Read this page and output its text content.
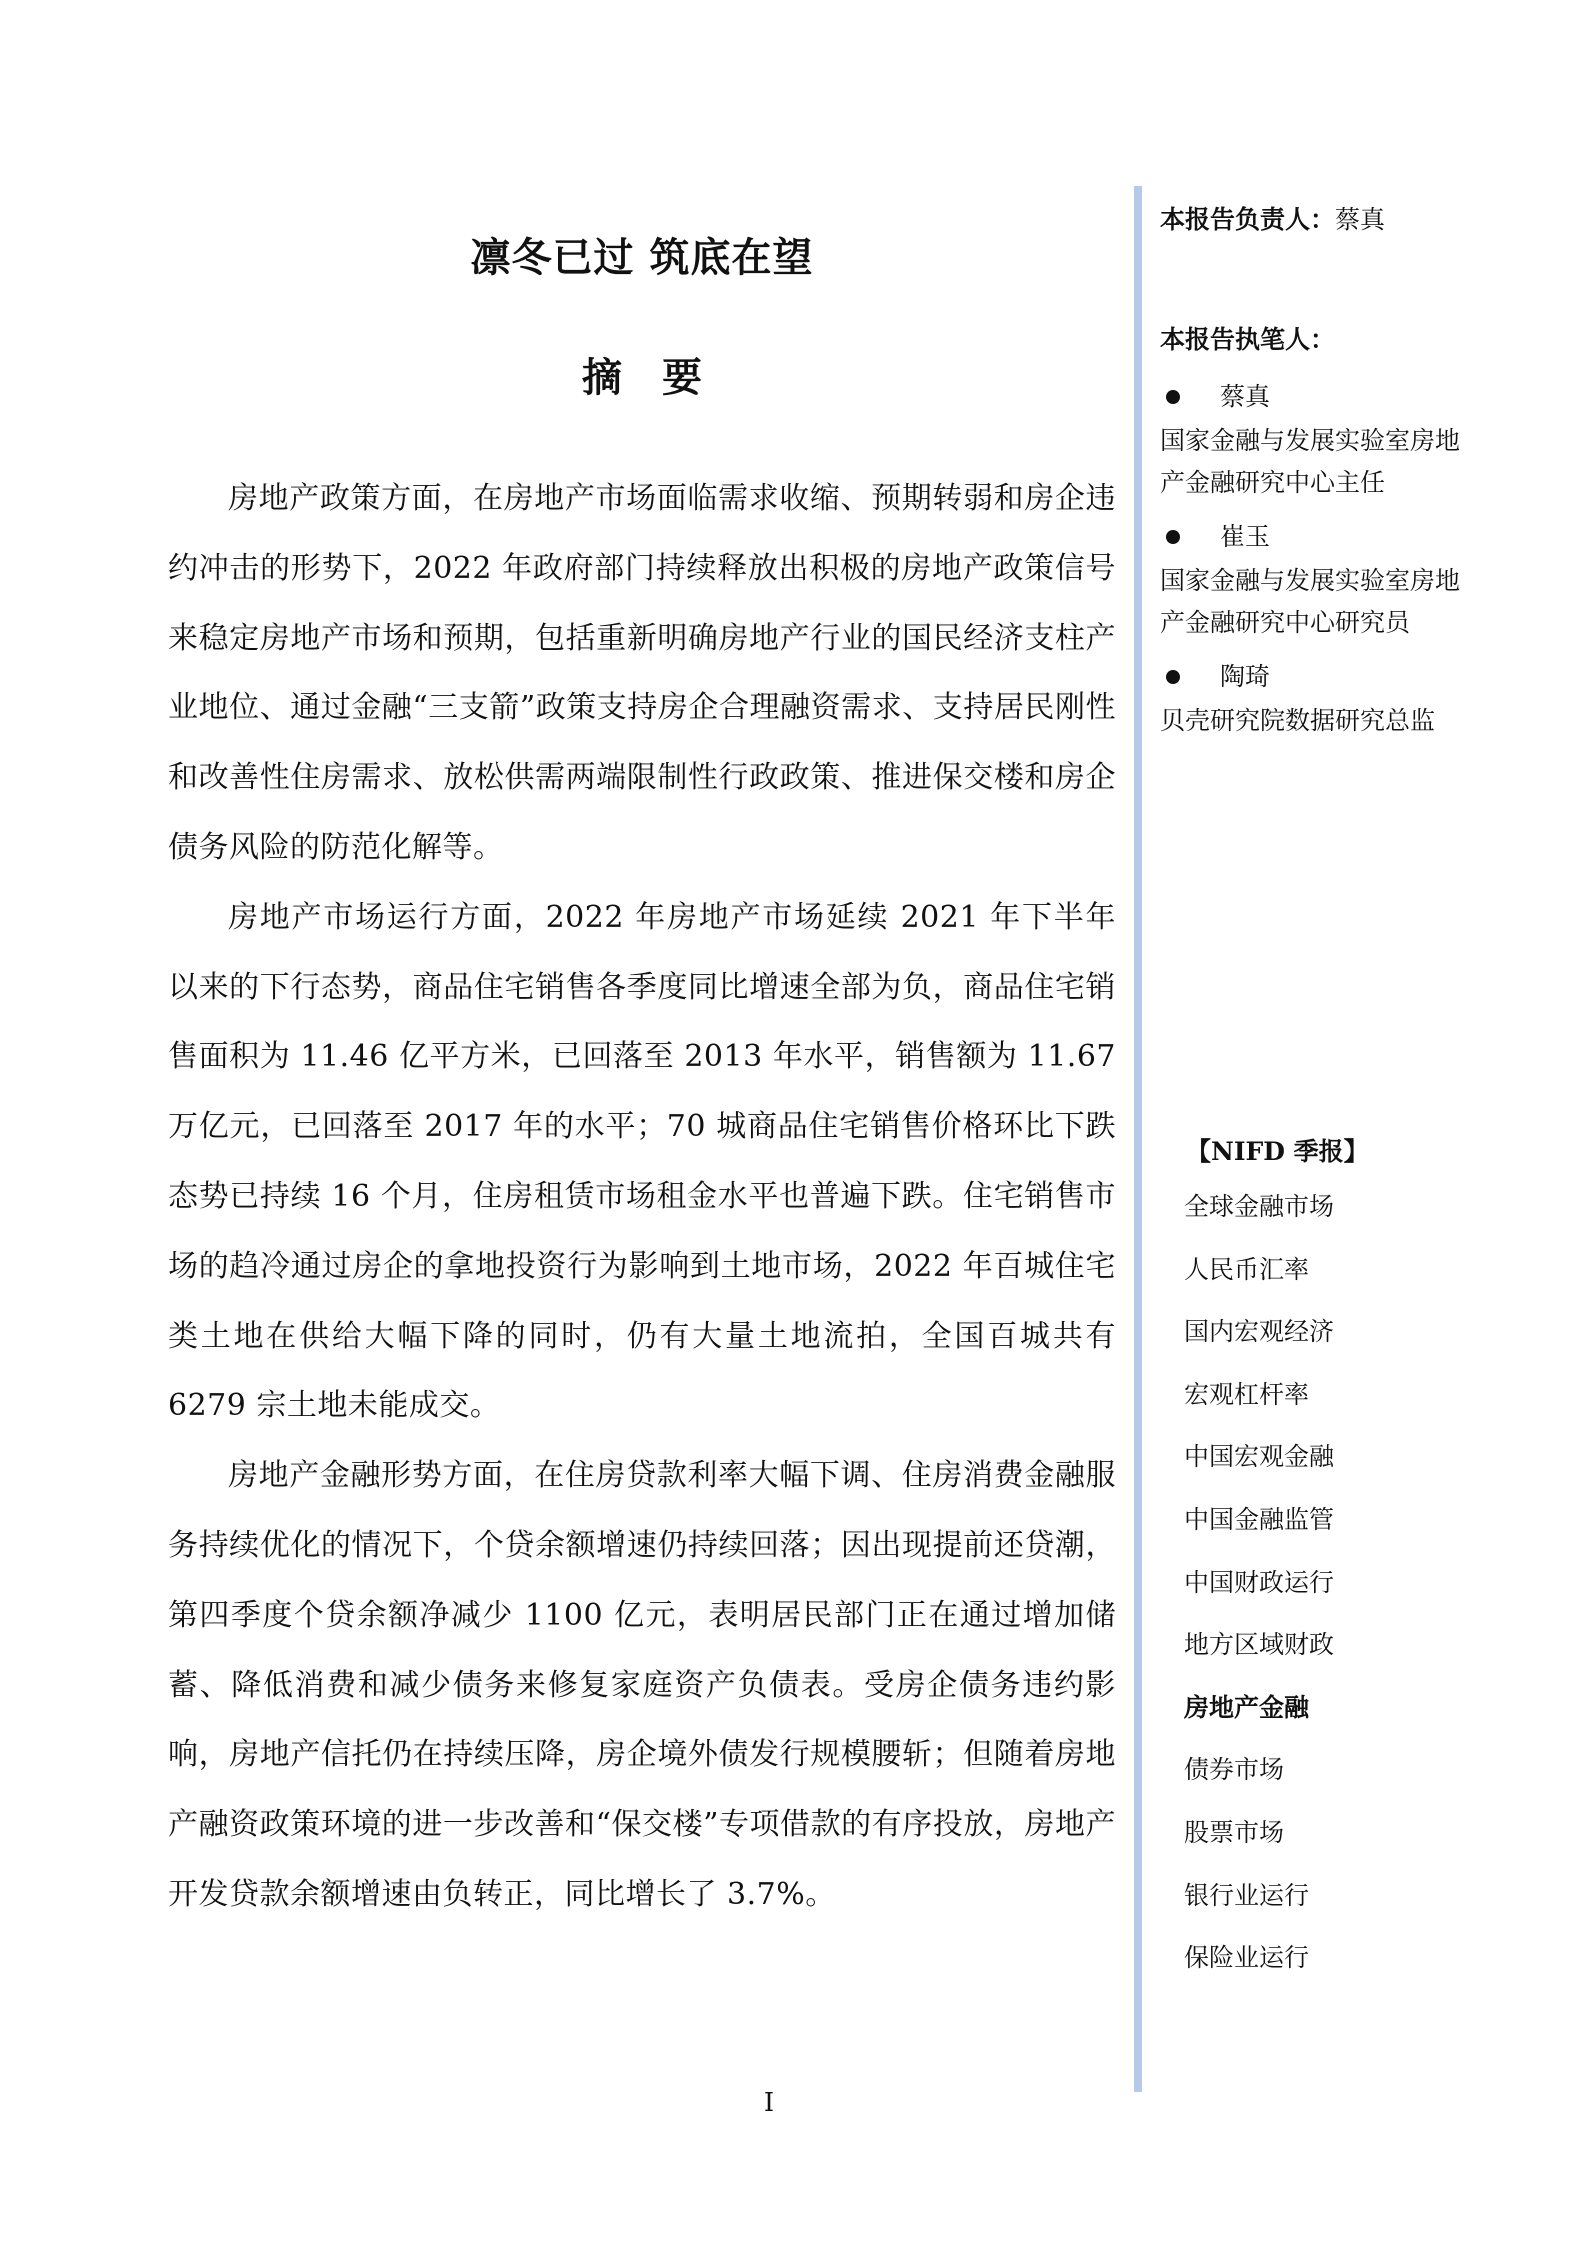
凛冬已过 筑底在望
摘要

房地产政策方面，在房地产市场面临需求收缩、预期转弱和房企违约冲击的形势下，2022 年政府部门持续释放出积极的房地产政策信号来稳定房地产市场和预期，包括重新明确房地产行业的国民经济支柱产业地位、通过金融“三支箭”政策支持房企合理融资需求、支持居民刚性和改善性住房需求、放松供需两端限制性行政政策、推进保交楼和房企债务风险的防范化解等。

房地产市场运行方面，2022 年房地产市场延续 2021 年下半年以来的下行态势，商品住宅销售各季度同比增速全部为负，商品住宅销售面积为 11.46 亿平方米，已回落至 2013 年水平，销售额为 11.67 万亿元，已回落至 2017 年的水平；70 城商品住宅销售价格环比下跌态势已持续 16 个月，住房租赁市场租金水平也普遍下跌。住宅销售市场的趋冷通过房企的拿地投资行为影响到土地市场，2022 年百城住宅类土地在供给大幅下降的同时，仍有大量土地流拍，全国百城共有 6279 宗土地未能成交。

房地产金融形势方面，在住房贷款利率大幅下调、住房消费金融服务持续优化的情况下，个贷余额增速仍持续回落；因出现提前还贷潮，第四季度个贷余额净减少 1100 亿元，表明居民部门正在通过增加储蓄、降低消费和减少债务来修复家庭资产负债表。受房企债务违约影响，房地产信托仍在持续压降，房企境外债发行规模腰斩；但随着房地产融资政策环境的进一步改善和“保交楼”专项借款的有序投放，房地产开发贷款余额增速由负转正，同比增长了 3.7%。

本报告负责人：蔡真
本报告执笔人：
蔡真
国家金融与发展实验室房地产金融研究中心主任
崔玉
国家金融与发展实验室房地产金融研究中心研究员
陶琦
贝壳研究院数据研究总监
【NIFD 季报】
全球金融市场
人民币汇率
国内宏观经济
宏观杠杆率
中国宏观金融
中国金融监管
中国财政运行
地方区域财政
房地产金融
债券市场
股票市场
银行业运行
保险业运行
I
